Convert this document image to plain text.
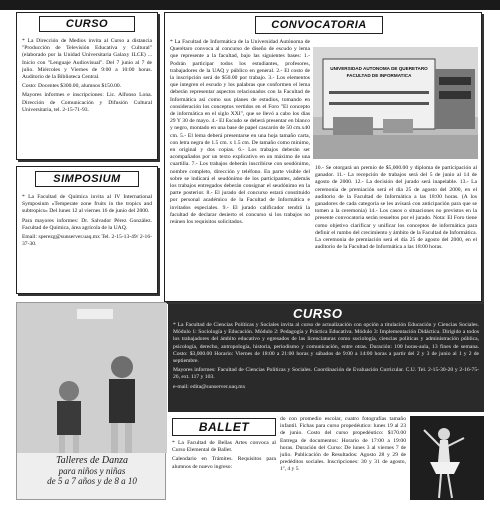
CURSO

* La Dirección de Medios invita al Curso a distancia "Producción de Televisión Educativa y Cultural" (elaborado por la Unidad Universitaria Galaxy ILCE) ... Inicio con "Lenguaje Audiovisual". Del 7 junio al 7 de julio. Miércoles y Viernes de 9:00 a 10:00 horas. Auditorio de la Biblioteca Central.

Costo: Docentes $300.00, alumnos $150.00.

Mayores informes e inscripciones: Lic. Alfonso Lona. Dirección de Comunicación y Difusión Cultural Universitaria, tel. 2-15-71-93.

SIMPOSIUM

* La Facultad de Química invita al IV International Symposium «Temperate zone fruits in the tropics and subtropics» Del lunes 12 al viernes 16 de junio del 2000.

Para mayores informes: Dr. Salvador Pérez González. Facultad de Química, área agrícola de la UAQ.

Email: sperezg@sunserver.uaq.mx Tel. 2-15-13-49/ 2-16-37-30.

CONVOCATORIA
* La Facultad de Informática de la Universidad Autónoma de Querétaro convoca al concurso de diseño de escudo y lema que represente a la facultad, bajo las siguientes bases: 1.- Podrán participar todos los estudiantes, profesores, trabajadores de la UAQ y público en general. 2.- El costo de la inscripción será de $50.00 por trabajo. 3.- Los elementos que integren el escudo y los palabras que conformen el lema deberán representar aspectos relacionados con la Facultad de Informática así como sus planes de estudios, tomando en consideración los conceptos vertidos en el Foro "El concepto de informática en el siglo XXI", que se llevó a cabo los días 29 Y 30 de mayo. 4.- El Escudo se deberá presentar en blanco y negro, montado en una base de papel cascarón de 50 cm.x40 cm. 5.- El lema deberá presentarse en una hoja tamaño carta, con letra negra de 1.5 cm. x 1.5 cm. De tamaño como mínimo, en original y dos copias. 6.- Los trabajos deberán ser acompañados por un texto explicativo en un máximo de una cuartilla. 7.- Los trabajos deberán inscribirse con seudónimo, nombre completo, dirección y teléfono. En parte visible del sobre se indicará el seudónimo de los participantes, además los trabajos entregados deberán consignar el seudónimo en la parte posterior. 8.- El jurado del concurso estará constituido por personal académico de la Facultad de Informática e invitados especiales. 9.- El jurado calificador tendrá la facultad de declarar desierto el concurso si los trabajos no reúnen los requisitos solicitados.
UNIVERSIDAD AUTONOMA DE QUERETARO
FACULTAD DE INFORMATICA
10.- Se otorgará un premio de $5,000.00 y diploma de participación al ganador. 11.- La recepción de trabajos será del 5 de junio al 14 de agosto de 2000. 12.- La decisión del jurado será inapelable. 13.- La ceremonia de premiación será el día 25 de agosto del 2000, en el auditorio de la Facultad de Informática a las 18:00 horas. (A los ganadores de cada categoría se les avisará con anticipación para que se tomen a la ceremonia) 14.- Los casos o situaciones no previstos en la presente convocatoria serán resueltos por el jurado. Nota: El Foro tiene como objetivo clarificar y unificar los conceptos de informática para definir el rumbo del crecimiento y ámbito de la Facultad de Informática. La ceremonia de premiación será el día 25 de agosto del 2000, en el auditorio de la Facultad de Informática a las 18:00 horas.
Talleres de Danza
para niños y niñas
de 5 a 7 años y de 8 a 10
CURSO

* La Facultad de Ciencias Políticas y Sociales invita al curso de actualización con opción a titulación Educación y Ciencias Sociales. Módulo 1: Sociología y Educación. Módulo 2: Pedagogía y Práctica Educativa. Módulo 3: Implementación Didáctica. Dirigido a todos los trabajadores del ámbito educativo y egresados de las licenciaturas como sociología, ciencias políticas y administración pública, psicología, derecho, antropología, historia, periodismo y comunicación, entre otras. Duración: 100 horas-aula, 13 fines de semana. Costo: $3,000.00 Horario: Viernes de 18:00 a 21:00 horas y sábados de 9:00 a 14:00 horas a partir del 2 y 3 de junio al 1 y 2 de septiembre.

Mayores informes: Facultad de Ciencias Políticas y Sociales. Coordinación de Evaluación Curricular. C.U. Tel. 2-15-30-20 y 2-16-75-26, ext. 117 y 103.

e-mail: edita@sunserver.uaq.mx

BALLET

* La Facultad de Bellas Artes convoca al Curso Elemental de Ballet.

Calendario en Trámites. Requisitos para alumnos de nuevo ingreso:

do con promedio escolar, cuatro fotografías tamaño infantil. Fichas para curso propedéutico: lunes 19 al 23 de junio. Costo del curso propedéutico: $170.00 Entrega de documentos: Horario de 17:00 a 19:00 horas. Duración del Curso: De lunes 3 al viernes 7 de julio. Publicación de Resultados: Agosto 28 y 29 de predéditos sociales. Inscripciones: 30 y 31 de agosto, 1º, 4 y 5
